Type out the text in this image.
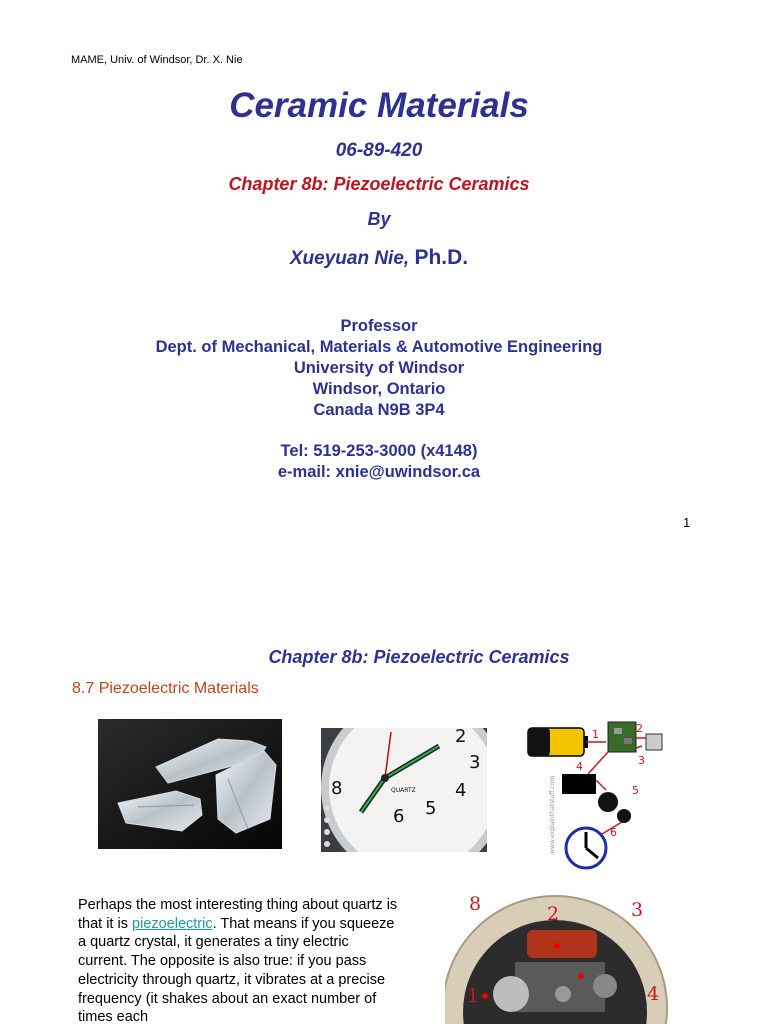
MAME, Univ. of Windsor, Dr. X. Nie
Ceramic Materials
06-89-420
Chapter 8b: Piezoelectric Ceramics
By
Xueyuan Nie, Ph.D.
Professor
Dept. of Mechanical, Materials & Automotive Engineering
University of Windsor
Windsor, Ontario
Canada N9B 3P4
Tel: 519-253-3000 (x4148)
e-mail: xnie@uwindsor.ca
1
Chapter 8b: Piezoelectric Ceramics
8.7 Piezoelectric Materials
2
3
4
5
6
8	QUARTZ
1	2
3
4
5
6
www.explainthatstuff.com
8	2	3
1	4
Perhaps the most interesting thing about quartz is that it is piezoelectric. That means if you squeeze a quartz crystal, it generates a tiny electric current. The opposite is also true: if you pass electricity through quartz, it vibrates at a precise frequency (it shakes about an exact number of times each
